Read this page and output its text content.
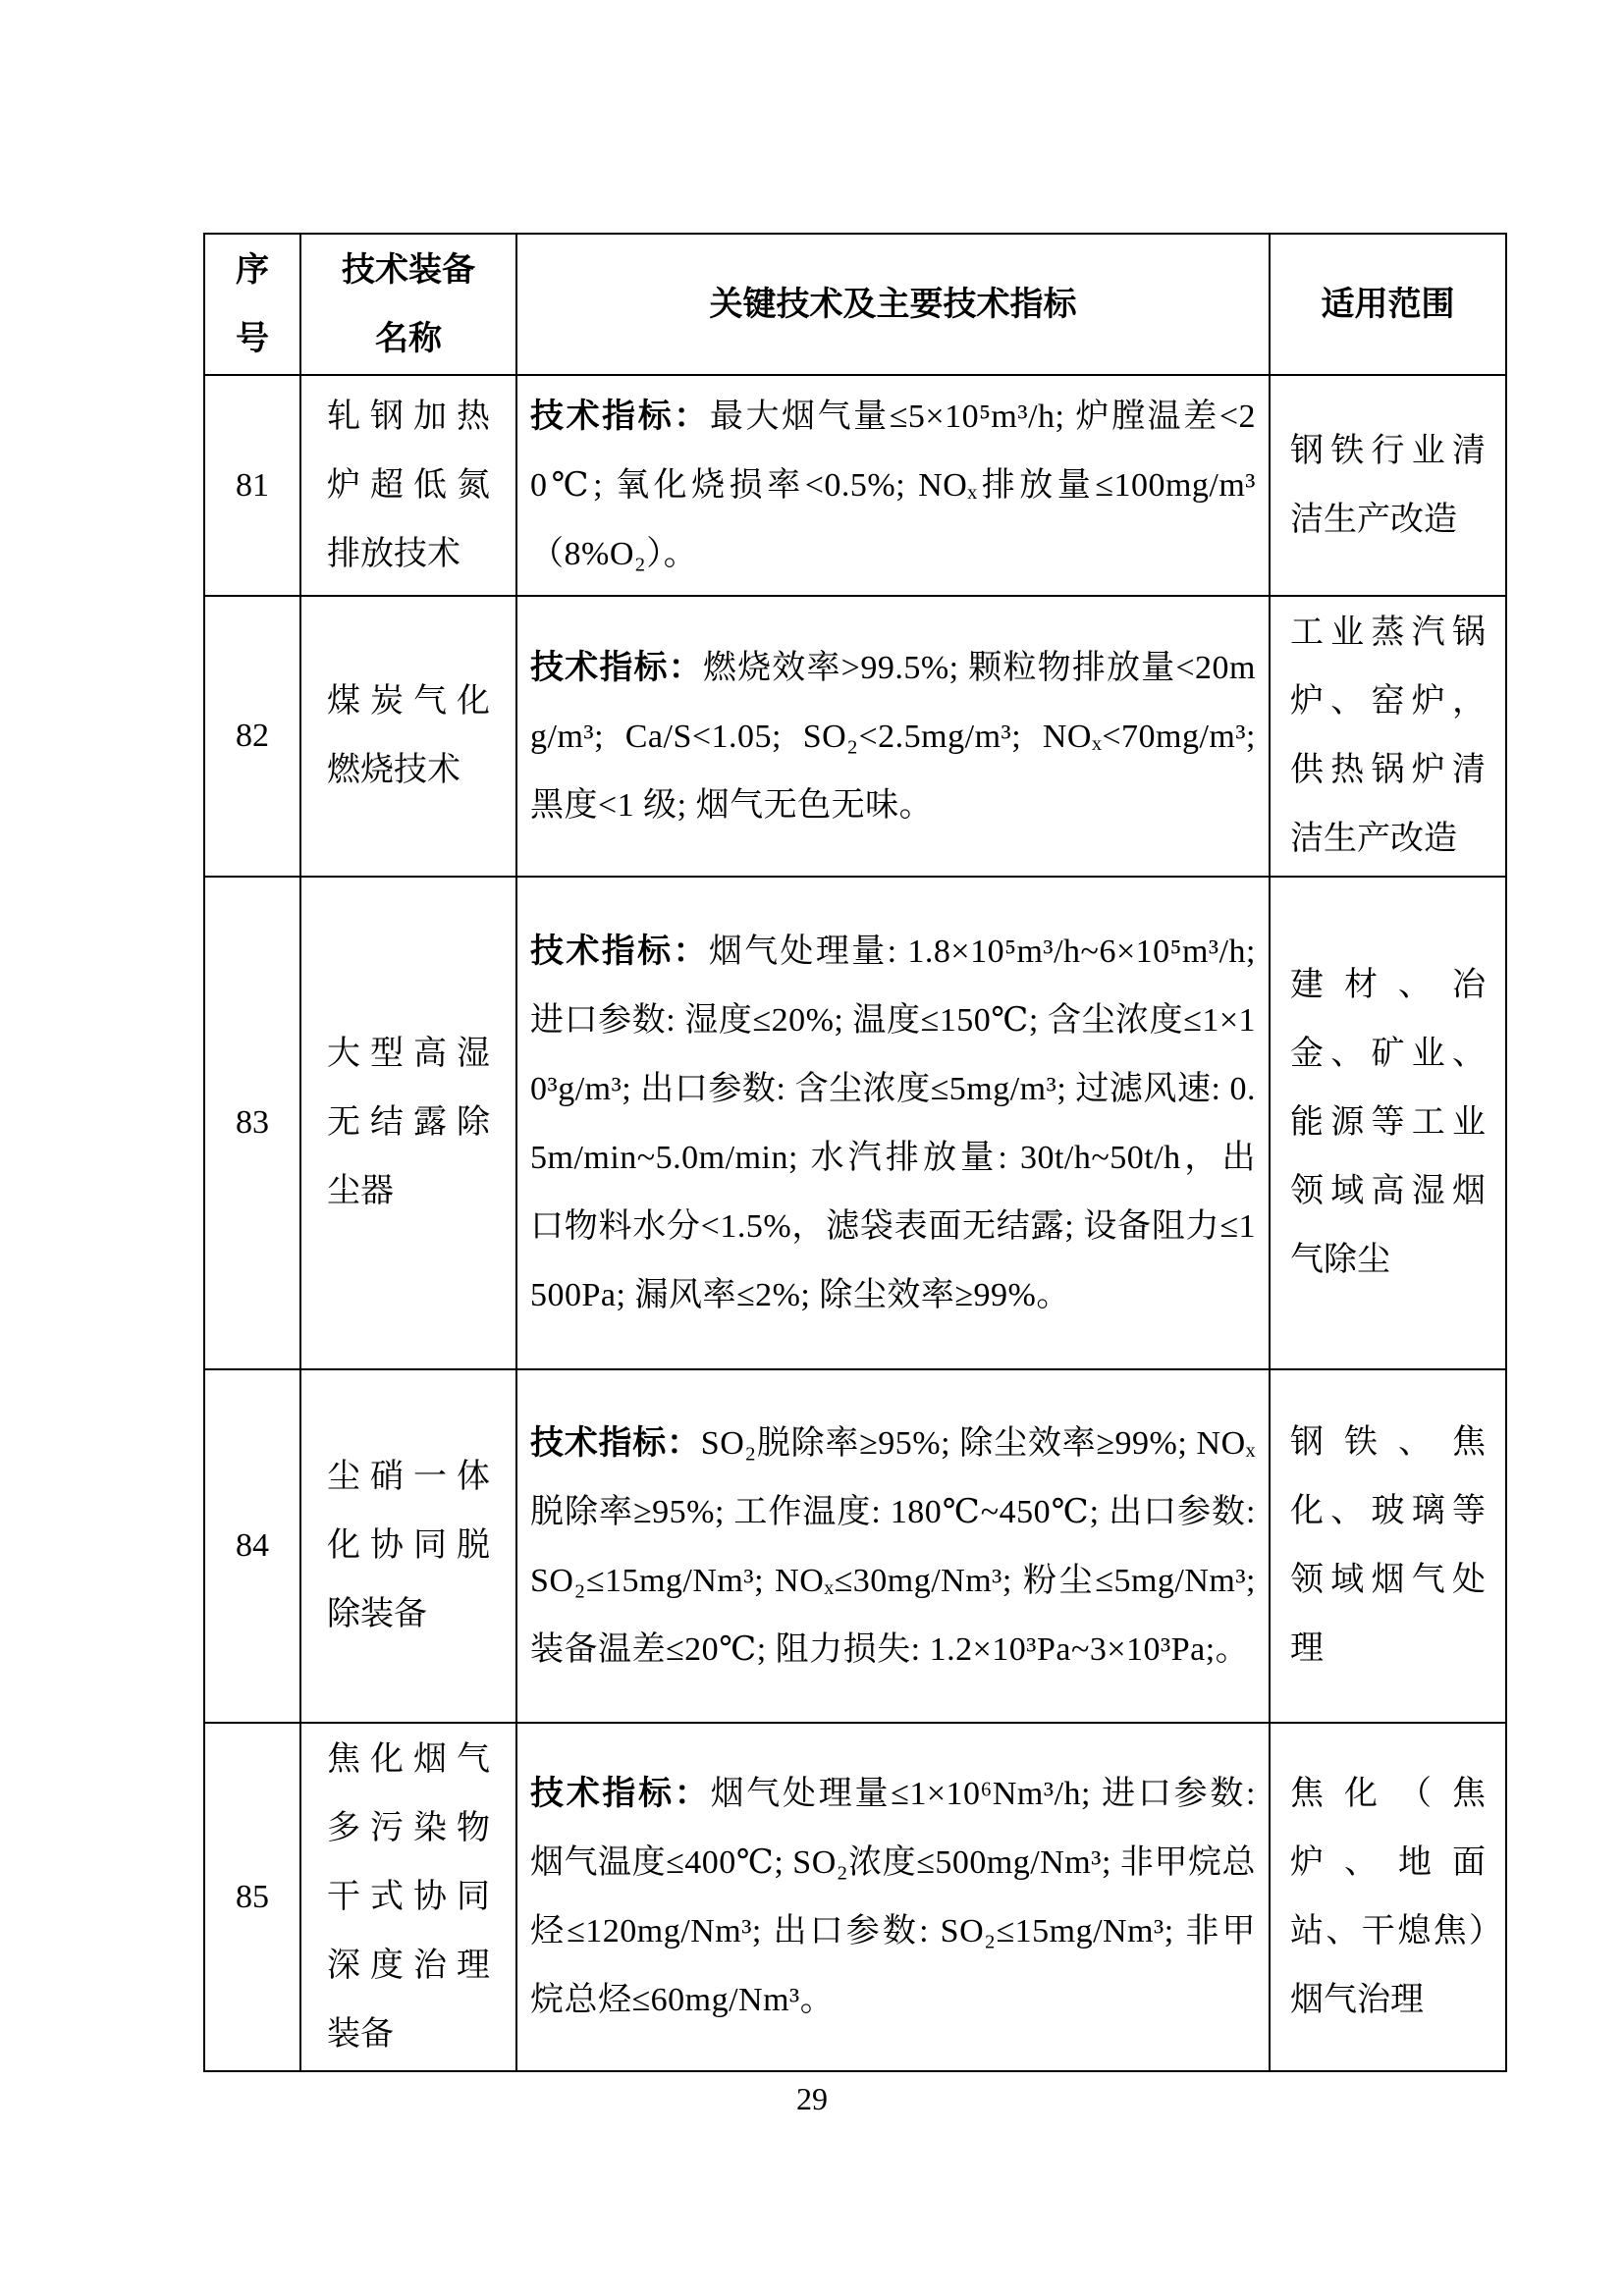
序号	技术装备名称	关键技术及主要技术指标	适用范围
81	轧钢加热炉超低氮排放技术	技术指标：最大烟气量≤5×10⁵m³/h; 炉膛温差<20℃; 氧化烧损率<0.5%; NOₓ排放量≤100mg/m³（8%O₂）。	钢铁行业清洁生产改造
82	煤炭气化燃烧技术	技术指标：燃烧效率>99.5%; 颗粒物排放量<20mg/m³; Ca/S<1.05; SO₂<2.5mg/m³; NOₓ<70mg/m³; 黑度<1 级; 烟气无色无味。	工业蒸汽锅炉、窑炉，供热锅炉清洁生产改造
83	大型高湿无结露除尘器	技术指标：烟气处理量: 1.8×10⁵m³/h~6×10⁵m³/h; 进口参数: 湿度≤20%; 温度≤150℃; 含尘浓度≤1×10³g/m³; 出口参数: 含尘浓度≤5mg/m³; 过滤风速: 0.5m/min~5.0m/min; 水汽排放量: 30t/h~50t/h，出口物料水分<1.5%，滤袋表面无结露; 设备阻力≤1500Pa; 漏风率≤2%; 除尘效率≥99%。	建材、冶金、矿业、能源等工业领域高湿烟气除尘
84	尘硝一体化协同脱除装备	技术指标：SO₂脱除率≥95%; 除尘效率≥99%; NOₓ脱除率≥95%; 工作温度: 180℃~450℃; 出口参数: SO₂≤15mg/Nm³; NOₓ≤30mg/Nm³; 粉尘≤5mg/Nm³; 装备温差≤20℃; 阻力损失: 1.2×10³Pa~3×10³Pa;。	钢铁、焦化、玻璃等领域烟气处理
85	焦化烟气多污染物干式协同深度治理装备	技术指标：烟气处理量≤1×10⁶Nm³/h; 进口参数: 烟气温度≤400℃; SO₂浓度≤500mg/Nm³; 非甲烷总烃≤120mg/Nm³; 出口参数: SO₂≤15mg/Nm³; 非甲烷总烃≤60mg/Nm³。	焦化（焦炉、地面站、干熄焦）烟气治理
29
